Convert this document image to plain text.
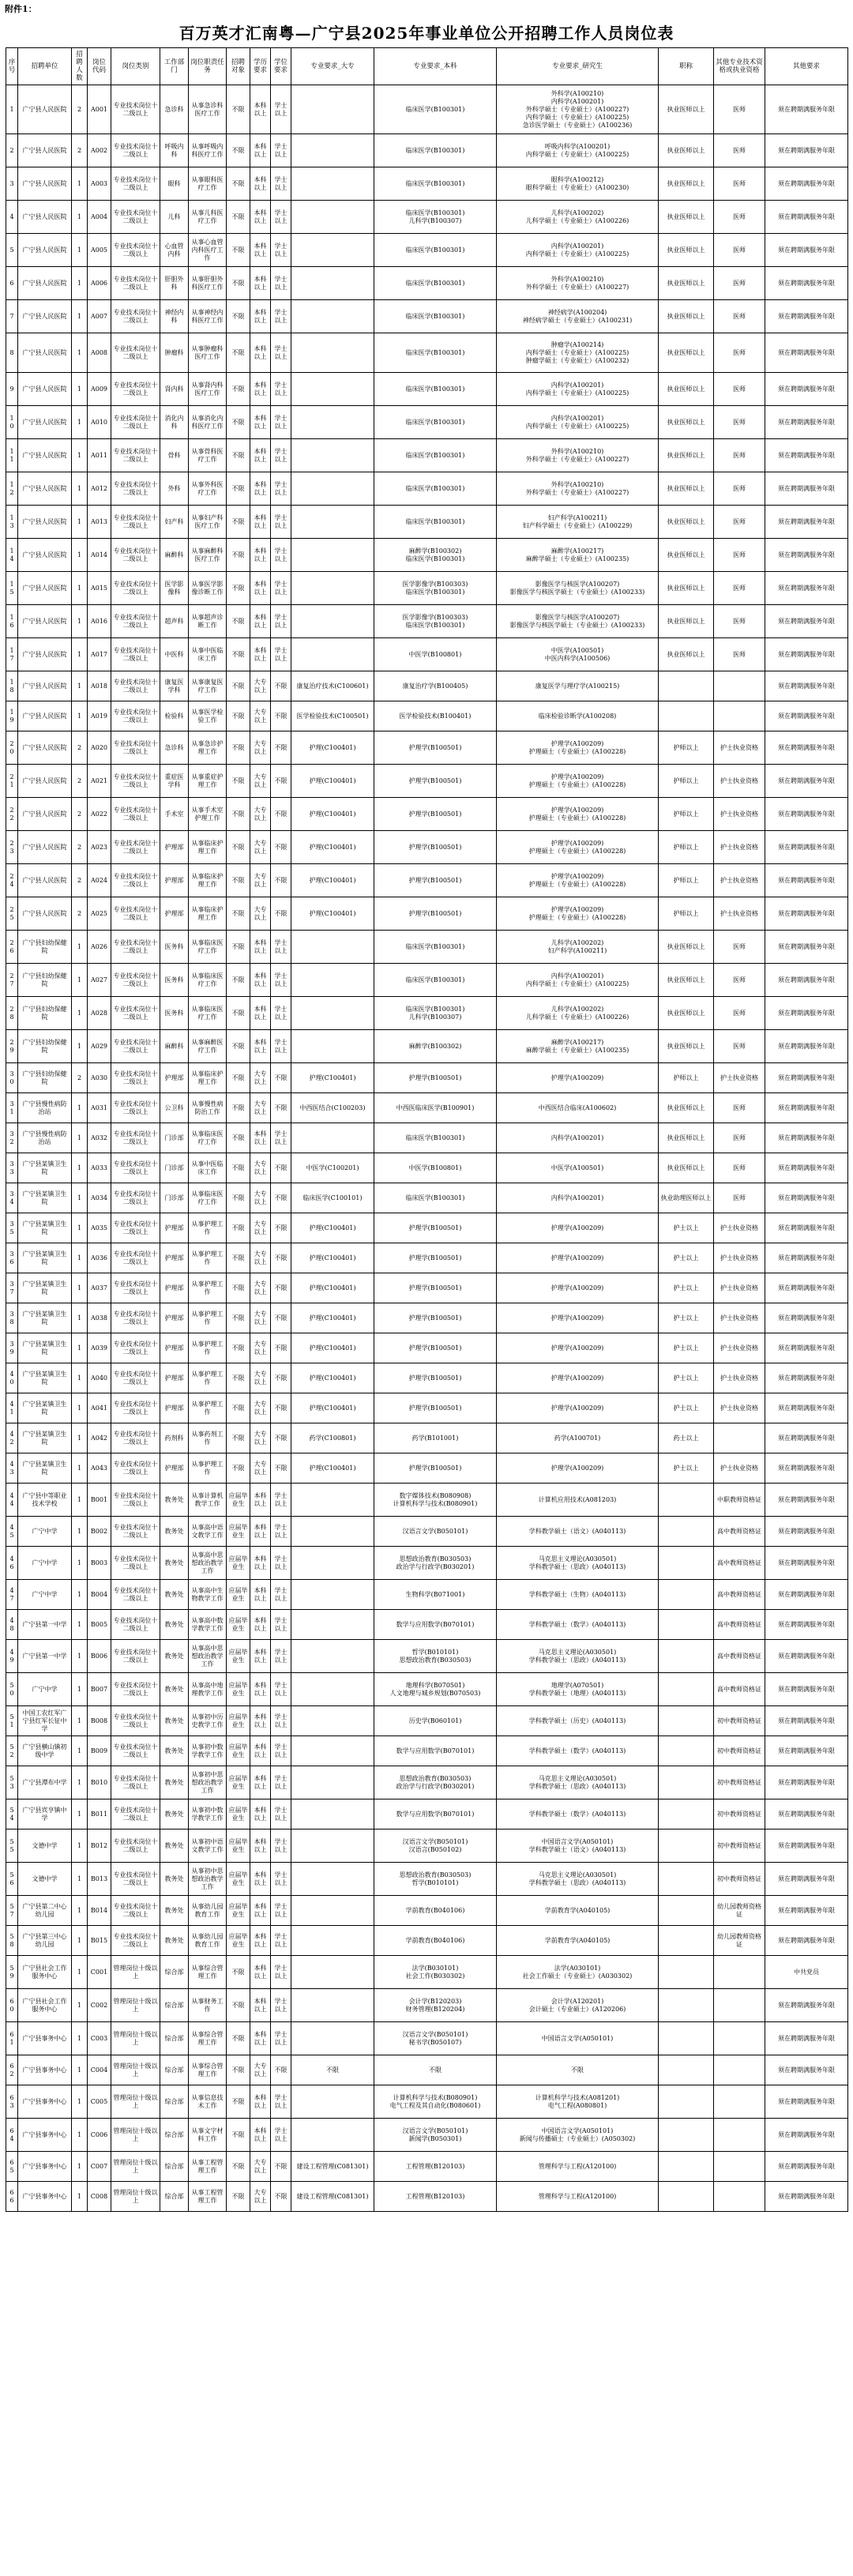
附件1：
百万英才汇南粤—广宁县2025年事业单位公开招聘工作人员岗位表
序号	招聘单位	招聘人数	岗位代码	岗位类别	工作部门	岗位职责任务	招聘对象	学历要求	学位要求	专业要求_大专	专业要求_本科	专业要求_研究生	职称	其他专业技术资格或执业资格	其他要求
1	广宁县人民医院	2	A001	专业技术岗位十二级以上	急诊科	从事急诊科医疗工作	不限	本科以上	学士以上		临床医学(B100301)	外科学(A100210)
内科学(A100201)
外科学硕士（专业硕士）(A100227)
内科学硕士（专业硕士）(A100225)
急诊医学硕士（专业硕士）(A100236)	执业医师以上	医师	须在聘期满服务年限
2	广宁县人民医院	2	A002	专业技术岗位十二级以上	呼吸内科	从事呼吸内科医疗工作	不限	本科以上	学士以上		临床医学(B100301)	呼吸内科学(A100201)
内科学硕士（专业硕士）(A100225)	执业医师以上	医师	须在聘期满服务年限
3	广宁县人民医院	1	A003	专业技术岗位十二级以上	眼科	从事眼科医疗工作	不限	本科以上	学士以上		临床医学(B100301)	眼科学(A100212)
眼科学硕士（专业硕士）(A100230)	执业医师以上	医师	须在聘期满服务年限
4	广宁县人民医院	1	A004	专业技术岗位十二级以上	儿科	从事儿科医疗工作	不限	本科以上	学士以上		临床医学(B100301)
儿科学(B100307)	儿科学(A100202)
儿科学硕士（专业硕士）(A100226)	执业医师以上	医师	须在聘期满服务年限
5	广宁县人民医院	1	A005	专业技术岗位十二级以上	心血管内科	从事心血管内科医疗工作	不限	本科以上	学士以上		临床医学(B100301)	内科学(A100201)
内科学硕士（专业硕士）(A100225)	执业医师以上	医师	须在聘期满服务年限
6	广宁县人民医院	1	A006	专业技术岗位十二级以上	肝胆外科	从事肝胆外科医疗工作	不限	本科以上	学士以上		临床医学(B100301)	外科学(A100210)
外科学硕士（专业硕士）(A100227)	执业医师以上	医师	须在聘期满服务年限
7	广宁县人民医院	1	A007	专业技术岗位十二级以上	神经内科	从事神经内科医疗工作	不限	本科以上	学士以上		临床医学(B100301)	神经病学(A100204)
神经病学硕士（专业硕士）(A100231)	执业医师以上	医师	须在聘期满服务年限
8	广宁县人民医院	1	A008	专业技术岗位十二级以上	肿瘤科	从事肿瘤科医疗工作	不限	本科以上	学士以上		临床医学(B100301)	肿瘤学(A100214)
内科学硕士（专业硕士）(A100225)
肿瘤学硕士（专业硕士）(A100232)	执业医师以上	医师	须在聘期满服务年限
9	广宁县人民医院	1	A009	专业技术岗位十二级以上	肾内科	从事肾内科医疗工作	不限	本科以上	学士以上		临床医学(B100301)	内科学(A100201)
内科学硕士（专业硕士）(A100225)	执业医师以上	医师	须在聘期满服务年限
10	广宁县人民医院	1	A010	专业技术岗位十二级以上	消化内科	从事消化内科医疗工作	不限	本科以上	学士以上		临床医学(B100301)	内科学(A100201)
内科学硕士（专业硕士）(A100225)	执业医师以上	医师	须在聘期满服务年限
11	广宁县人民医院	1	A011	专业技术岗位十二级以上	骨科	从事骨科医疗工作	不限	本科以上	学士以上		临床医学(B100301)	外科学(A100210)
外科学硕士（专业硕士）(A100227)	执业医师以上	医师	须在聘期满服务年限
12	广宁县人民医院	1	A012	专业技术岗位十二级以上	外科	从事外科医疗工作	不限	本科以上	学士以上		临床医学(B100301)	外科学(A100210)
外科学硕士（专业硕士）(A100227)	执业医师以上	医师	须在聘期满服务年限
13	广宁县人民医院	1	A013	专业技术岗位十二级以上	妇产科	从事妇产科医疗工作	不限	本科以上	学士以上		临床医学(B100301)	妇产科学(A100211)
妇产科学硕士（专业硕士）(A100229)	执业医师以上	医师	须在聘期满服务年限
14	广宁县人民医院	1	A014	专业技术岗位十二级以上	麻醉科	从事麻醉科医疗工作	不限	本科以上	学士以上		麻醉学(B100302)
临床医学(B100301)	麻醉学(A100217)
麻醉学硕士（专业硕士）(A100235)	执业医师以上	医师	须在聘期满服务年限
15	广宁县人民医院	1	A015	专业技术岗位十二级以上	医学影像科	从事医学影像诊断工作	不限	本科以上	学士以上		医学影像学(B100303)
临床医学(B100301)	影像医学与核医学(A100207)
影像医学与核医学硕士（专业硕士）(A100233)	执业医师以上	医师	须在聘期满服务年限
16	广宁县人民医院	1	A016	专业技术岗位十二级以上	超声科	从事超声诊断工作	不限	本科以上	学士以上		医学影像学(B100303)
临床医学(B100301)	影像医学与核医学(A100207)
影像医学与核医学硕士（专业硕士）(A100233)	执业医师以上	医师	须在聘期满服务年限
17	广宁县人民医院	1	A017	专业技术岗位十二级以上	中医科	从事中医临床工作	不限	本科以上	学士以上		中医学(B100801)	中医学(A100501)
中医内科学(A100506)	执业医师以上	医师	须在聘期满服务年限
18	广宁县人民医院	1	A018	专业技术岗位十二级以上	康复医学科	从事康复医疗工作	不限	大专以上	不限	康复治疗技术(C100601)	康复治疗学(B100405)	康复医学与理疗学(A100215)			须在聘期满服务年限
19	广宁县人民医院	1	A019	专业技术岗位十二级以上	检验科	从事医学检验工作	不限	大专以上	不限	医学检验技术(C100501)	医学检验技术(B100401)	临床检验诊断学(A100208)			须在聘期满服务年限
20	广宁县人民医院	2	A020	专业技术岗位十二级以上	急诊科	从事急诊护理工作	不限	大专以上	不限	护理(C100401)	护理学(B100501)	护理学(A100209)
护理硕士（专业硕士）(A100228)	护师以上	护士执业资格	须在聘期满服务年限
21	广宁县人民医院	2	A021	专业技术岗位十二级以上	重症医学科	从事重症护理工作	不限	大专以上	不限	护理(C100401)	护理学(B100501)	护理学(A100209)
护理硕士（专业硕士）(A100228)	护师以上	护士执业资格	须在聘期满服务年限
22	广宁县人民医院	2	A022	专业技术岗位十二级以上	手术室	从事手术室护理工作	不限	大专以上	不限	护理(C100401)	护理学(B100501)	护理学(A100209)
护理硕士（专业硕士）(A100228)	护师以上	护士执业资格	须在聘期满服务年限
23	广宁县人民医院	2	A023	专业技术岗位十二级以上	护理部	从事临床护理工作	不限	大专以上	不限	护理(C100401)	护理学(B100501)	护理学(A100209)
护理硕士（专业硕士）(A100228)	护师以上	护士执业资格	须在聘期满服务年限
24	广宁县人民医院	2	A024	专业技术岗位十二级以上	护理部	从事临床护理工作	不限	大专以上	不限	护理(C100401)	护理学(B100501)	护理学(A100209)
护理硕士（专业硕士）(A100228)	护师以上	护士执业资格	须在聘期满服务年限
25	广宁县人民医院	2	A025	专业技术岗位十二级以上	护理部	从事临床护理工作	不限	大专以上	不限	护理(C100401)	护理学(B100501)	护理学(A100209)
护理硕士（专业硕士）(A100228)	护师以上	护士执业资格	须在聘期满服务年限
26	广宁县妇幼保健院	1	A026	专业技术岗位十二级以上	医务科	从事临床医疗工作	不限	本科以上	学士以上		临床医学(B100301)	儿科学(A100202)
妇产科学(A100211)	执业医师以上	医师	须在聘期满服务年限
27	广宁县妇幼保健院	1	A027	专业技术岗位十二级以上	医务科	从事临床医疗工作	不限	本科以上	学士以上		临床医学(B100301)	内科学(A100201)
内科学硕士（专业硕士）(A100225)	执业医师以上	医师	须在聘期满服务年限
28	广宁县妇幼保健院	1	A028	专业技术岗位十二级以上	医务科	从事临床医疗工作	不限	本科以上	学士以上		临床医学(B100301)
儿科学(B100307)	儿科学(A100202)
儿科学硕士（专业硕士）(A100226)	执业医师以上	医师	须在聘期满服务年限
29	广宁县妇幼保健院	1	A029	专业技术岗位十二级以上	麻醉科	从事麻醉医疗工作	不限	本科以上	学士以上		麻醉学(B100302)	麻醉学(A100217)
麻醉学硕士（专业硕士）(A100235)	执业医师以上	医师	须在聘期满服务年限
30	广宁县妇幼保健院	2	A030	专业技术岗位十二级以上	护理部	从事临床护理工作	不限	大专以上	不限	护理(C100401)	护理学(B100501)	护理学(A100209)	护师以上	护士执业资格	须在聘期满服务年限
31	广宁县慢性病防治站	1	A031	专业技术岗位十二级以上	公卫科	从事慢性病防治工作	不限	大专以上	不限	中西医结合(C100203)	中西医临床医学(B100901)	中西医结合临床(A100602)	执业医师以上	医师	须在聘期满服务年限
32	广宁县慢性病防治站	1	A032	专业技术岗位十二级以上	门诊部	从事临床医疗工作	不限	本科以上	学士以上		临床医学(B100301)	内科学(A100201)	执业医师以上	医师	须在聘期满服务年限
33	广宁县某镇卫生院	1	A033	专业技术岗位十二级以上	门诊部	从事中医临床工作	不限	大专以上	不限	中医学(C100201)	中医学(B100801)	中医学(A100501)	执业医师以上	医师	须在聘期满服务年限
34	广宁县某镇卫生院	1	A034	专业技术岗位十二级以上	门诊部	从事临床医疗工作	不限	大专以上	不限	临床医学(C100101)	临床医学(B100301)	内科学(A100201)	执业助理医师以上	医师	须在聘期满服务年限
35	广宁县某镇卫生院	1	A035	专业技术岗位十二级以上	护理部	从事护理工作	不限	大专以上	不限	护理(C100401)	护理学(B100501)	护理学(A100209)	护士以上	护士执业资格	须在聘期满服务年限
36	广宁县某镇卫生院	1	A036	专业技术岗位十二级以上	护理部	从事护理工作	不限	大专以上	不限	护理(C100401)	护理学(B100501)	护理学(A100209)	护士以上	护士执业资格	须在聘期满服务年限
37	广宁县某镇卫生院	1	A037	专业技术岗位十二级以上	护理部	从事护理工作	不限	大专以上	不限	护理(C100401)	护理学(B100501)	护理学(A100209)	护士以上	护士执业资格	须在聘期满服务年限
38	广宁县某镇卫生院	1	A038	专业技术岗位十二级以上	护理部	从事护理工作	不限	大专以上	不限	护理(C100401)	护理学(B100501)	护理学(A100209)	护士以上	护士执业资格	须在聘期满服务年限
39	广宁县某镇卫生院	1	A039	专业技术岗位十二级以上	护理部	从事护理工作	不限	大专以上	不限	护理(C100401)	护理学(B100501)	护理学(A100209)	护士以上	护士执业资格	须在聘期满服务年限
40	广宁县某镇卫生院	1	A040	专业技术岗位十二级以上	护理部	从事护理工作	不限	大专以上	不限	护理(C100401)	护理学(B100501)	护理学(A100209)	护士以上	护士执业资格	须在聘期满服务年限
41	广宁县某镇卫生院	1	A041	专业技术岗位十二级以上	护理部	从事护理工作	不限	大专以上	不限	护理(C100401)	护理学(B100501)	护理学(A100209)	护士以上	护士执业资格	须在聘期满服务年限
42	广宁县某镇卫生院	1	A042	专业技术岗位十二级以上	药剂科	从事药剂工作	不限	大专以上	不限	药学(C100801)	药学(B101001)	药学(A100701)	药士以上		须在聘期满服务年限
43	广宁县某镇卫生院	1	A043	专业技术岗位十二级以上	护理部	从事护理工作	不限	大专以上	不限	护理(C100401)	护理学(B100501)	护理学(A100209)	护士以上	护士执业资格	须在聘期满服务年限
44	广宁县中等职业技术学校	1	B001	专业技术岗位十二级以上	教务处	从事计算机教学工作	应届毕业生	本科以上	学士以上		数字媒体技术(B080908)
计算机科学与技术(B080901)	计算机应用技术(A081203)		中职教师资格证	须在聘期满服务年限
45	广宁中学	1	B002	专业技术岗位十二级以上	教务处	从事高中语文教学工作	应届毕业生	本科以上	学士以上		汉语言文学(B050101)	学科教学硕士（语文）(A040113)		高中教师资格证	须在聘期满服务年限
46	广宁中学	1	B003	专业技术岗位十二级以上	教务处	从事高中思想政治教学工作	应届毕业生	本科以上	学士以上		思想政治教育(B030503)
政治学与行政学(B030201)	马克思主义理论(A030501)
学科教学硕士（思政）(A040113)		高中教师资格证	须在聘期满服务年限
47	广宁中学	1	B004	专业技术岗位十二级以上	教务处	从事高中生物教学工作	应届毕业生	本科以上	学士以上		生物科学(B071001)	学科教学硕士（生物）(A040113)		高中教师资格证	须在聘期满服务年限
48	广宁县第一中学	1	B005	专业技术岗位十二级以上	教务处	从事高中数学教学工作	应届毕业生	本科以上	学士以上		数学与应用数学(B070101)	学科教学硕士（数学）(A040113)		高中教师资格证	须在聘期满服务年限
49	广宁县第一中学	1	B006	专业技术岗位十二级以上	教务处	从事高中思想政治教学工作	应届毕业生	本科以上	学士以上		哲学(B010101)
思想政治教育(B030503)	马克思主义理论(A030501)
学科教学硕士（思政）(A040113)		高中教师资格证	须在聘期满服务年限
50	广宁中学	1	B007	专业技术岗位十二级以上	教务处	从事高中地理教学工作	应届毕业生	本科以上	学士以上		地理科学(B070501)
人文地理与城乡规划(B070503)	地理学(A070501)
学科教学硕士（地理）(A040113)		高中教师资格证	须在聘期满服务年限
51	中国工农红军广宁县红军长征中学	1	B008	专业技术岗位十二级以上	教务处	从事初中历史教学工作	应届毕业生	本科以上	学士以上		历史学(B060101)	学科教学硕士（历史）(A040113)		初中教师资格证	须在聘期满服务年限
52	广宁县横山镇初级中学	1	B009	专业技术岗位十二级以上	教务处	从事初中数学教学工作	应届毕业生	本科以上	学士以上		数学与应用数学(B070101)	学科教学硕士（数学）(A040113)		初中教师资格证	须在聘期满服务年限
53	广宁县潭布中学	1	B010	专业技术岗位十二级以上	教务处	从事初中思想政治教学工作	应届毕业生	本科以上	学士以上		思想政治教育(B030503)
政治学与行政学(B030201)	马克思主义理论(A030501)
学科教学硕士（思政）(A040113)		初中教师资格证	须在聘期满服务年限
54	广宁县宾亨镇中学	1	B011	专业技术岗位十二级以上	教务处	从事初中数学教学工作	应届毕业生	本科以上	学士以上		数学与应用数学(B070101)	学科教学硕士（数学）(A040113)		初中教师资格证	须在聘期满服务年限
55	文德中学	1	B012	专业技术岗位十二级以上	教务处	从事初中语文教学工作	应届毕业生	本科以上	学士以上		汉语言文学(B050101)
汉语言(B050102)	中国语言文学(A050101)
学科教学硕士（语文）(A040113)		初中教师资格证	须在聘期满服务年限
56	文德中学	1	B013	专业技术岗位十二级以上	教务处	从事初中思想政治教学工作	应届毕业生	本科以上	学士以上		思想政治教育(B030503)
哲学(B010101)	马克思主义理论(A030501)
学科教学硕士（思政）(A040113)		初中教师资格证	须在聘期满服务年限
57	广宁县第二中心幼儿园	1	B014	专业技术岗位十二级以上	教务处	从事幼儿园教育工作	应届毕业生	本科以上	学士以上		学前教育(B040106)	学前教育学(A040105)		幼儿园教师资格证	须在聘期满服务年限
58	广宁县第三中心幼儿园	1	B015	专业技术岗位十二级以上	教务处	从事幼儿园教育工作	应届毕业生	本科以上	学士以上		学前教育(B040106)	学前教育学(A040105)		幼儿园教师资格证	须在聘期满服务年限
59	广宁县社会工作服务中心	1	C001	管理岗位十级以上	综合部	从事综合管理工作	不限	本科以上	学士以上		法学(B030101)
社会工作(B030302)	法学(A030101)
社会工作硕士（专业硕士）(A030302)			中共党员
60	广宁县社会工作服务中心	1	C002	管理岗位十级以上	综合部	从事财务工作	不限	本科以上	学士以上		会计学(B120203)
财务管理(B120204)	会计学(A120201)
会计硕士（专业硕士）(A120206)			须在聘期满服务年限
61	广宁县事务中心	1	C003	管理岗位十级以上	综合部	从事综合管理工作	不限	本科以上	学士以上		汉语言文学(B050101)
秘书学(B050107)	中国语言文学(A050101)			须在聘期满服务年限
62	广宁县事务中心	1	C004	管理岗位十级以上	综合部	从事综合管理工作	不限	大专以上	不限	不限	不限	不限			须在聘期满服务年限
63	广宁县事务中心	1	C005	管理岗位十级以上	综合部	从事信息技术工作	不限	本科以上	学士以上		计算机科学与技术(B080901)
电气工程及其自动化(B080601)	计算机科学与技术(A081201)
电气工程(A080801)			须在聘期满服务年限
64	广宁县事务中心	1	C006	管理岗位十级以上	综合部	从事文字材料工作	不限	本科以上	学士以上		汉语言文学(B050101)
新闻学(B050301)	中国语言文学(A050101)
新闻与传播硕士（专业硕士）(A050302)			须在聘期满服务年限
65	广宁县事务中心	1	C007	管理岗位十级以上	综合部	从事工程管理工作	不限	大专以上	不限	建设工程管理(C081301)	工程管理(B120103)	管理科学与工程(A120100)			须在聘期满服务年限
66	广宁县事务中心	1	C008	管理岗位十级以上	综合部	从事工程管理工作	不限	大专以上	不限	建设工程管理(C081301)	工程管理(B120103)	管理科学与工程(A120100)			须在聘期满服务年限
